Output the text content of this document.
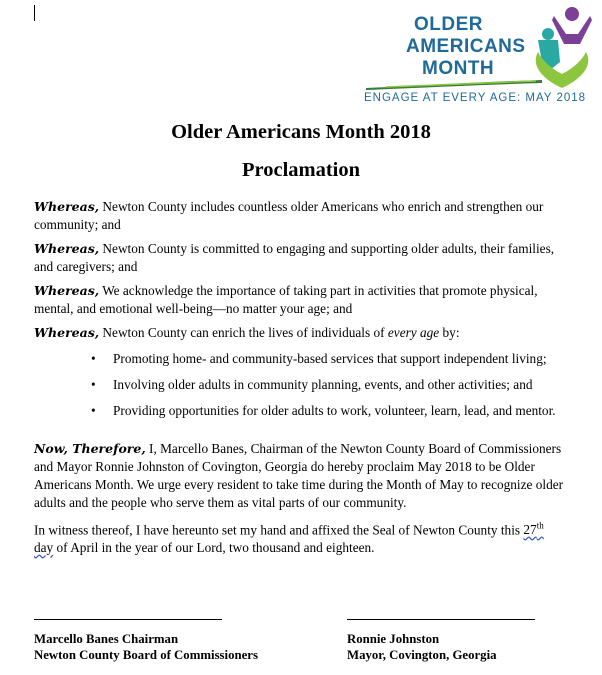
OLDER
AMERICANS
MONTH
ENGAGE AT EVERY AGE: MAY 2018
Older Americans Month 2018
Proclamation

Whereas, Newton County includes countless older Americans who enrich and strengthen our community; and

Whereas, Newton County is committed to engaging and supporting older adults, their families, and caregivers; and

Whereas, We acknowledge the importance of taking part in activities that promote physical, mental, and emotional well-being—no matter your age; and

Whereas, Newton County can enrich the lives of individuals of every age by:

• Promoting home- and community-based services that support independent living;
• Involving older adults in community planning, events, and other activities; and
• Providing opportunities for older adults to work, volunteer, learn, lead, and mentor.

Now, Therefore, I, Marcello Banes, Chairman of the Newton County Board of Commissioners and Mayor Ronnie Johnston of Covington, Georgia do hereby proclaim May 2018 to be Older Americans Month. We urge every resident to take time during the Month of May to recognize older adults and the people who serve them as vital parts of our community.

In witness thereof, I have hereunto set my hand and affixed the Seal of Newton County this 27th day of April in the year of our Lord, two thousand and eighteen.

Marcello Banes Chairman

Newton County Board of Commissioners

Ronnie Johnston

Mayor, Covington, Georgia
